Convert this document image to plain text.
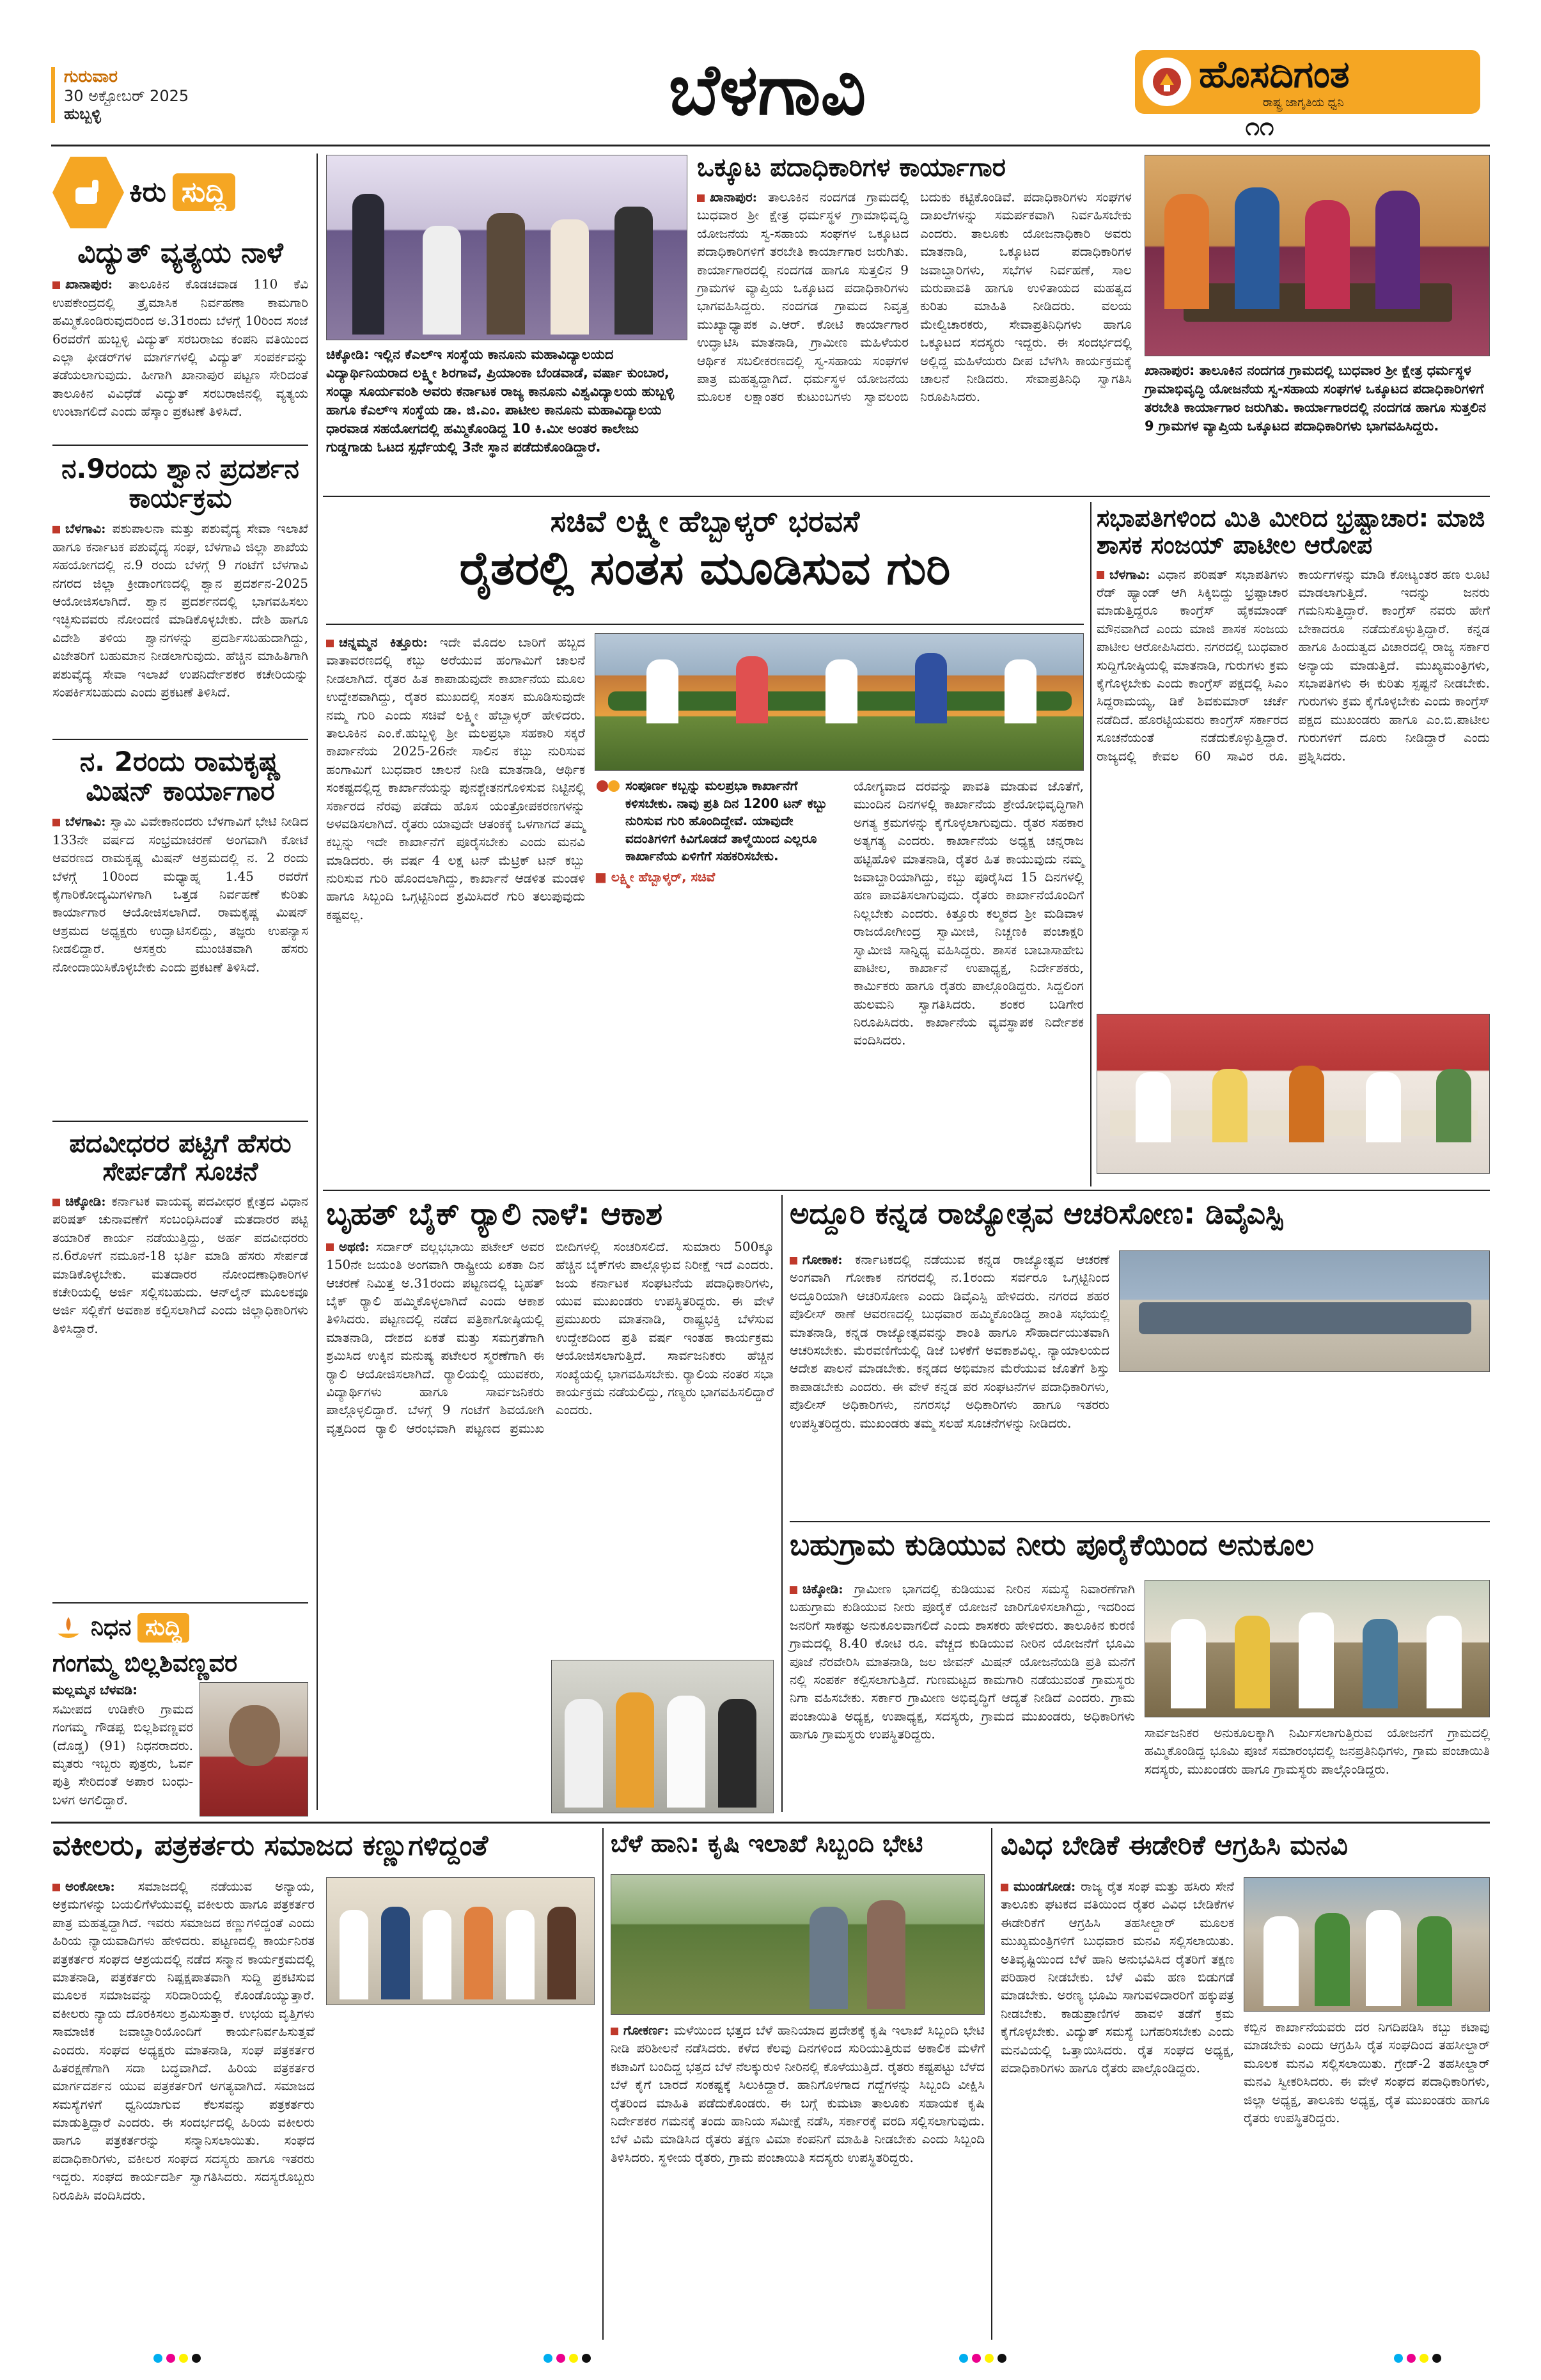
ಗುರುವಾರ
30 ಅಕ್ಟೋಬರ್ 2025
ಹುಬ್ಬಳ್ಳಿ	ಬೆಳಗಾವಿ	ಹೊಸದಿಗಂತ
ರಾಷ್ಟ್ರ ಜಾಗೃತಿಯ ಧ್ವನಿ
೧೧
ಕಿರು ಸುದ್ದಿ
ವಿದ್ಯುತ್ ವ್ಯತ್ಯಯ ನಾಳೆ
ಖಾನಾಪುರ: ತಾಲೂಕಿನ ಕೊಡಚವಾಡ 110 ಕೆವಿ ಉಪಕೇಂದ್ರದಲ್ಲಿ ತ್ರೈಮಾಸಿಕ ನಿರ್ವಹಣಾ ಕಾಮಗಾರಿ ಹಮ್ಮಿಕೊಂಡಿರುವುದರಿಂದ ಅ.31ರಂದು ಬೆಳಗ್ಗೆ 10ರಿಂದ ಸಂಜೆ 6ರವರೆಗೆ ಹುಬ್ಬಳ್ಳಿ ವಿದ್ಯುತ್ ಸರಬರಾಜು ಕಂಪನಿ ವತಿಯಿಂದ ಎಲ್ಲಾ ಫೀಡರ್‌ಗಳ ಮಾರ್ಗಗಳಲ್ಲಿ ವಿದ್ಯುತ್ ಸಂಪರ್ಕವನ್ನು ತಡೆಯಲಾಗುವುದು. ಹೀಗಾಗಿ ಖಾನಾಪುರ ಪಟ್ಟಣ ಸೇರಿದಂತೆ ತಾಲೂಕಿನ ವಿವಿಧೆಡೆ ವಿದ್ಯುತ್ ಸರಬರಾಜಿನಲ್ಲಿ ವ್ಯತ್ಯಯ ಉಂಟಾಗಲಿದೆ ಎಂದು ಹೆಸ್ಕಾಂ ಪ್ರಕಟಣೆ ತಿಳಿಸಿದೆ.
ನ.9ರಂದು ಶ್ವಾನ ಪ್ರದರ್ಶನ ಕಾರ್ಯಕ್ರಮ
ಬೆಳಗಾವಿ: ಪಶುಪಾಲನಾ ಮತ್ತು ಪಶುವೈದ್ಯ ಸೇವಾ ಇಲಾಖೆ ಹಾಗೂ ಕರ್ನಾಟಕ ಪಶುವೈದ್ಯ ಸಂಘ, ಬೆಳಗಾವಿ ಜಿಲ್ಲಾ ಶಾಖೆಯ ಸಹಯೋಗದಲ್ಲಿ ನ.9 ರಂದು ಬೆಳಗ್ಗೆ 9 ಗಂಟೆಗೆ ಬೆಳಗಾವಿ ನಗರದ ಜಿಲ್ಲಾ ಕ್ರೀಡಾಂಗಣದಲ್ಲಿ ಶ್ವಾನ ಪ್ರದರ್ಶನ-2025 ಆಯೋಜಿಸಲಾಗಿದೆ. ಶ್ವಾನ ಪ್ರದರ್ಶನದಲ್ಲಿ ಭಾಗವಹಿಸಲು ಇಚ್ಛಿಸುವವರು ನೋಂದಣಿ ಮಾಡಿಕೊಳ್ಳಬೇಕು. ದೇಶಿ ಹಾಗೂ ವಿದೇಶಿ ತಳಿಯ ಶ್ವಾನಗಳನ್ನು ಪ್ರದರ್ಶಿಸಬಹುದಾಗಿದ್ದು, ವಿಜೇತರಿಗೆ ಬಹುಮಾನ ನೀಡಲಾಗುವುದು. ಹೆಚ್ಚಿನ ಮಾಹಿತಿಗಾಗಿ ಪಶುವೈದ್ಯ ಸೇವಾ ಇಲಾಖೆ ಉಪನಿರ್ದೇಶಕರ ಕಚೇರಿಯನ್ನು ಸಂಪರ್ಕಿಸಬಹುದು ಎಂದು ಪ್ರಕಟಣೆ ತಿಳಿಸಿದೆ.
ನ. 2ರಂದು ರಾಮಕೃಷ್ಣ ಮಿಷನ್ ಕಾರ್ಯಾಗಾರ
ಬೆಳಗಾವಿ: ಸ್ವಾಮಿ ವಿವೇಕಾನಂದರು ಬೆಳಗಾವಿಗೆ ಭೇಟಿ ನೀಡಿದ 133ನೇ ವರ್ಷದ ಸಂಭ್ರಮಾಚರಣೆ ಅಂಗವಾಗಿ ಕೋಟೆ ಆವರಣದ ರಾಮಕೃಷ್ಣ ಮಿಷನ್ ಆಶ್ರಮದಲ್ಲಿ ನ. 2 ರಂದು ಬೆಳಗ್ಗೆ 10ರಿಂದ ಮಧ್ಯಾಹ್ನ 1.45 ರವರೆಗೆ ಕೈಗಾರಿಕೋದ್ಯಮಿಗಳಿಗಾಗಿ ಒತ್ತಡ ನಿರ್ವಹಣೆ ಕುರಿತು ಕಾರ್ಯಾಗಾರ ಆಯೋಜಿಸಲಾಗಿದೆ. ರಾಮಕೃಷ್ಣ ಮಿಷನ್ ಆಶ್ರಮದ ಅಧ್ಯಕ್ಷರು ಉದ್ಘಾಟಿಸಲಿದ್ದು, ತಜ್ಞರು ಉಪನ್ಯಾಸ ನೀಡಲಿದ್ದಾರೆ. ಆಸಕ್ತರು ಮುಂಚಿತವಾಗಿ ಹೆಸರು ನೋಂದಾಯಿಸಿಕೊಳ್ಳಬೇಕು ಎಂದು ಪ್ರಕಟಣೆ ತಿಳಿಸಿದೆ.
ಪದವೀಧರರ ಪಟ್ಟಿಗೆ ಹೆಸರು ಸೇರ್ಪಡೆಗೆ ಸೂಚನೆ
ಚಿಕ್ಕೋಡಿ: ಕರ್ನಾಟಕ ವಾಯವ್ಯ ಪದವೀಧರ ಕ್ಷೇತ್ರದ ವಿಧಾನ ಪರಿಷತ್ ಚುನಾವಣೆಗೆ ಸಂಬಂಧಿಸಿದಂತೆ ಮತದಾರರ ಪಟ್ಟಿ ತಯಾರಿಕೆ ಕಾರ್ಯ ನಡೆಯುತ್ತಿದ್ದು, ಅರ್ಹ ಪದವೀಧರರು ನ.6ರೊಳಗೆ ನಮೂನೆ-18 ಭರ್ತಿ ಮಾಡಿ ಹೆಸರು ಸೇರ್ಪಡೆ ಮಾಡಿಕೊಳ್ಳಬೇಕು. ಮತದಾರರ ನೋಂದಣಾಧಿಕಾರಿಗಳ ಕಚೇರಿಯಲ್ಲಿ ಅರ್ಜಿ ಸಲ್ಲಿಸಬಹುದು. ಆನ್‌ಲೈನ್ ಮೂಲಕವೂ ಅರ್ಜಿ ಸಲ್ಲಿಕೆಗೆ ಅವಕಾಶ ಕಲ್ಪಿಸಲಾಗಿದೆ ಎಂದು ಜಿಲ್ಲಾಧಿಕಾರಿಗಳು ತಿಳಿಸಿದ್ದಾರೆ.
ನಿಧನ ಸುದ್ದಿ
ಗಂಗಮ್ಮ ಬಿಲ್ಲಶಿವಣ್ಣವರ
ಮಲ್ಲಮ್ಮನ ಬೆಳವಡಿ:
ಸಮೀಪದ ಉಡಿಕೇರಿ ಗ್ರಾಮದ ಗಂಗಮ್ಮ ಗೌಡಪ್ಪ ಬಿಲ್ಲಶಿವಣ್ಣವರ (ದೊಡ್ಡ) (91) ನಿಧನರಾದರು. ಮೃತರು ಇಬ್ಬರು ಪುತ್ರರು, ಓರ್ವ ಪುತ್ರಿ ಸೇರಿದಂತೆ ಅಪಾರ ಬಂಧು-ಬಳಗ ಅಗಲಿದ್ದಾರೆ.
ಚಿಕ್ಕೋಡಿ: ಇಲ್ಲಿನ ಕೆಎಲ್‌ಇ ಸಂಸ್ಥೆಯ ಕಾನೂನು ಮಹಾವಿದ್ಯಾಲಯದ ವಿದ್ಯಾರ್ಥಿನಿಯರಾದ ಲಕ್ಷ್ಮೀ ಶಿರಗಾವೆ, ಪ್ರಿಯಾಂಕಾ ಬೆಂಡವಾಡೆ, ವರ್ಷಾ ಕುಂಬಾರ, ಸಂಧ್ಯಾ ಸೂರ್ಯವಂಶಿ ಅವರು ಕರ್ನಾಟಕ ರಾಜ್ಯ ಕಾನೂನು ವಿಶ್ವವಿದ್ಯಾಲಯ ಹುಬ್ಬಳ್ಳಿ ಹಾಗೂ ಕೆಎಲ್‌ಇ ಸಂಸ್ಥೆಯ ಡಾ. ಜಿ.ಎಂ. ಪಾಟೀಲ ಕಾನೂನು ಮಹಾವಿದ್ಯಾಲಯ ಧಾರವಾಡ ಸಹಯೋಗದಲ್ಲಿ ಹಮ್ಮಿಕೊಂಡಿದ್ದ 10 ಕಿ.ಮೀ ಅಂತರ ಕಾಲೇಜು ಗುಡ್ಡಗಾಡು ಓಟದ ಸ್ಪರ್ಧೆಯಲ್ಲಿ 3ನೇ ಸ್ಥಾನ ಪಡೆದುಕೊಂಡಿದ್ದಾರೆ.
ಒಕ್ಕೂಟ ಪದಾಧಿಕಾರಿಗಳ ಕಾರ್ಯಾಗಾರ
ಖಾನಾಪುರ: ತಾಲೂಕಿನ ನಂದಗಡ ಗ್ರಾಮದಲ್ಲಿ ಬುಧವಾರ ಶ್ರೀ ಕ್ಷೇತ್ರ ಧರ್ಮಸ್ಥಳ ಗ್ರಾಮಾಭಿವೃದ್ಧಿ ಯೋಜನೆಯ ಸ್ವ-ಸಹಾಯ ಸಂಘಗಳ ಒಕ್ಕೂಟದ ಪದಾಧಿಕಾರಿಗಳಿಗೆ ತರಬೇತಿ ಕಾರ್ಯಾಗಾರ ಜರುಗಿತು. ಕಾರ್ಯಾಗಾರದಲ್ಲಿ ನಂದಗಡ ಹಾಗೂ ಸುತ್ತಲಿನ 9 ಗ್ರಾಮಗಳ ವ್ಯಾಪ್ತಿಯ ಒಕ್ಕೂಟದ ಪದಾಧಿಕಾರಿಗಳು ಭಾಗವಹಿಸಿದ್ದರು. ನಂದಗಡ ಗ್ರಾಮದ ನಿವೃತ್ತ ಮುಖ್ಯಾಧ್ಯಾಪಕ ಎ.ಆರ್. ಕೋಟಿ ಕಾರ್ಯಾಗಾರ ಉದ್ಘಾಟಿಸಿ ಮಾತನಾಡಿ, ಗ್ರಾಮೀಣ ಮಹಿಳೆಯರ ಆರ್ಥಿಕ ಸಬಲೀಕರಣದಲ್ಲಿ ಸ್ವ-ಸಹಾಯ ಸಂಘಗಳ ಪಾತ್ರ ಮಹತ್ವದ್ದಾಗಿದೆ. ಧರ್ಮಸ್ಥಳ ಯೋಜನೆಯ ಮೂಲಕ ಲಕ್ಷಾಂತರ ಕುಟುಂಬಗಳು ಸ್ವಾವಲಂಬಿ ಬದುಕು ಕಟ್ಟಿಕೊಂಡಿವೆ. ಪದಾಧಿಕಾರಿಗಳು ಸಂಘಗಳ ದಾಖಲೆಗಳನ್ನು ಸಮರ್ಪಕವಾಗಿ ನಿರ್ವಹಿಸಬೇಕು ಎಂದರು. ತಾಲೂಕು ಯೋಜನಾಧಿಕಾರಿ ಅವರು ಮಾತನಾಡಿ, ಒಕ್ಕೂಟದ ಪದಾಧಿಕಾರಿಗಳ ಜವಾಬ್ದಾರಿಗಳು, ಸಭೆಗಳ ನಿರ್ವಹಣೆ, ಸಾಲ ಮರುಪಾವತಿ ಹಾಗೂ ಉಳಿತಾಯದ ಮಹತ್ವದ ಕುರಿತು ಮಾಹಿತಿ ನೀಡಿದರು. ವಲಯ ಮೇಲ್ವಿಚಾರಕರು, ಸೇವಾಪ್ರತಿನಿಧಿಗಳು ಹಾಗೂ ಒಕ್ಕೂಟದ ಸದಸ್ಯರು ಇದ್ದರು. ಈ ಸಂದರ್ಭದಲ್ಲಿ ಅಲ್ಲಿದ್ದ ಮಹಿಳೆಯರು ದೀಪ ಬೆಳಗಿಸಿ ಕಾರ್ಯಕ್ರಮಕ್ಕೆ ಚಾಲನೆ ನೀಡಿದರು. ಸೇವಾಪ್ರತಿನಿಧಿ ಸ್ವಾಗತಿಸಿ ನಿರೂಪಿಸಿದರು.
ಖಾನಾಪುರ: ತಾಲೂಕಿನ ನಂದಗಡ ಗ್ರಾಮದಲ್ಲಿ ಬುಧವಾರ ಶ್ರೀ ಕ್ಷೇತ್ರ ಧರ್ಮಸ್ಥಳ ಗ್ರಾಮಾಭಿವೃದ್ಧಿ ಯೋಜನೆಯ ಸ್ವ-ಸಹಾಯ ಸಂಘಗಳ ಒಕ್ಕೂಟದ ಪದಾಧಿಕಾರಿಗಳಿಗೆ ತರಬೇತಿ ಕಾರ್ಯಾಗಾರ ಜರುಗಿತು. ಕಾರ್ಯಾಗಾರದಲ್ಲಿ ನಂದಗಡ ಹಾಗೂ ಸುತ್ತಲಿನ 9 ಗ್ರಾಮಗಳ ವ್ಯಾಪ್ತಿಯ ಒಕ್ಕೂಟದ ಪದಾಧಿಕಾರಿಗಳು ಭಾಗವಹಿಸಿದ್ದರು.
ಸಚಿವೆ ಲಕ್ಷ್ಮೀ ಹೆಬ್ಬಾಳ್ಕರ್ ಭರವಸೆ
ರೈತರಲ್ಲಿ ಸಂತಸ ಮೂಡಿಸುವ ಗುರಿ
ಚನ್ನಮ್ಮನ ಕಿತ್ತೂರು: ಇದೇ ಮೊದಲ ಬಾರಿಗೆ ಹಬ್ಬದ ವಾತಾವರಣದಲ್ಲಿ ಕಬ್ಬು ಅರೆಯುವ ಹಂಗಾಮಿಗೆ ಚಾಲನೆ ನೀಡಲಾಗಿದೆ. ರೈತರ ಹಿತ ಕಾಪಾಡುವುದೇ ಕಾರ್ಖಾನೆಯ ಮೂಲ ಉದ್ದೇಶವಾಗಿದ್ದು, ರೈತರ ಮುಖದಲ್ಲಿ ಸಂತಸ ಮೂಡಿಸುವುದೇ ನಮ್ಮ ಗುರಿ ಎಂದು ಸಚಿವೆ ಲಕ್ಷ್ಮೀ ಹೆಬ್ಬಾಳ್ಕರ್ ಹೇಳಿದರು. ತಾಲೂಕಿನ ಎಂ.ಕೆ.ಹುಬ್ಬಳ್ಳಿ ಶ್ರೀ ಮಲಪ್ರಭಾ ಸಹಕಾರಿ ಸಕ್ಕರೆ ಕಾರ್ಖಾನೆಯ 2025-26ನೇ ಸಾಲಿನ ಕಬ್ಬು ನುರಿಸುವ ಹಂಗಾಮಿಗೆ ಬುಧವಾರ ಚಾಲನೆ ನೀಡಿ ಮಾತನಾಡಿ, ಆರ್ಥಿಕ ಸಂಕಷ್ಟದಲ್ಲಿದ್ದ ಕಾರ್ಖಾನೆಯನ್ನು ಪುನಶ್ಚೇತನಗೊಳಿಸುವ ನಿಟ್ಟಿನಲ್ಲಿ ಸರ್ಕಾರದ ನೆರವು ಪಡೆದು ಹೊಸ ಯಂತ್ರೋಪಕರಣಗಳನ್ನು ಅಳವಡಿಸಲಾಗಿದೆ. ರೈತರು ಯಾವುದೇ ಆತಂಕಕ್ಕೆ ಒಳಗಾಗದೆ ತಮ್ಮ ಕಬ್ಬನ್ನು ಇದೇ ಕಾರ್ಖಾನೆಗೆ ಪೂರೈಸಬೇಕು ಎಂದು ಮನವಿ ಮಾಡಿದರು. ಈ ವರ್ಷ 4 ಲಕ್ಷ ಟನ್ ಮೆಟ್ರಿಕ್ ಟನ್ ಕಬ್ಬು ನುರಿಸುವ ಗುರಿ ಹೊಂದಲಾಗಿದ್ದು, ಕಾರ್ಖಾನೆ ಆಡಳಿತ ಮಂಡಳಿ ಹಾಗೂ ಸಿಬ್ಬಂದಿ ಒಗ್ಗಟ್ಟಿನಿಂದ ಶ್ರಮಿಸಿದರೆ ಗುರಿ ತಲುಪುವುದು ಕಷ್ಟವಲ್ಲ.
ಸಂಪೂರ್ಣ ಕಬ್ಬನ್ನು ಮಲಪ್ರಭಾ ಕಾರ್ಖಾನೆಗೆ ಕಳಿಸಬೇಕು. ನಾವು ಪ್ರತಿ ದಿನ 1200 ಟನ್ ಕಬ್ಬು ನುರಿಸುವ ಗುರಿ ಹೊಂದಿದ್ದೇವೆ. ಯಾವುದೇ ವದಂತಿಗಳಿಗೆ ಕಿವಿಗೊಡದೆ ತಾಳ್ಮೆಯಿಂದ ಎಲ್ಲರೂ ಕಾರ್ಖಾನೆಯ ಏಳಿಗೆಗೆ ಸಹಕರಿಸಬೇಕು.
■ ಲಕ್ಷ್ಮೀ ಹೆಬ್ಬಾಳ್ಕರ್, ಸಚಿವೆ
ಯೋಗ್ಯವಾದ ದರವನ್ನು ಪಾವತಿ ಮಾಡುವ ಜೊತೆಗೆ, ಮುಂದಿನ ದಿನಗಳಲ್ಲಿ ಕಾರ್ಖಾನೆಯ ಶ್ರೇಯೋಭಿವೃದ್ಧಿಗಾಗಿ ಅಗತ್ಯ ಕ್ರಮಗಳನ್ನು ಕೈಗೊಳ್ಳಲಾಗುವುದು. ರೈತರ ಸಹಕಾರ ಅತ್ಯಗತ್ಯ ಎಂದರು. ಕಾರ್ಖಾನೆಯ ಅಧ್ಯಕ್ಷ ಚನ್ನರಾಜ ಹಟ್ಟಿಹೊಳಿ ಮಾತನಾಡಿ, ರೈತರ ಹಿತ ಕಾಯುವುದು ನಮ್ಮ ಜವಾಬ್ದಾರಿಯಾಗಿದ್ದು, ಕಬ್ಬು ಪೂರೈಸಿದ 15 ದಿನಗಳಲ್ಲಿ ಹಣ ಪಾವತಿಸಲಾಗುವುದು. ರೈತರು ಕಾರ್ಖಾನೆಯೊಂದಿಗೆ ನಿಲ್ಲಬೇಕು ಎಂದರು. ಕಿತ್ತೂರು ಕಲ್ಮಠದ ಶ್ರೀ ಮಡಿವಾಳ ರಾಜಯೋಗೀಂದ್ರ ಸ್ವಾಮೀಜಿ, ನಿಚ್ಚಣಕಿ ಪಂಚಾಕ್ಷರಿ ಸ್ವಾಮೀಜಿ ಸಾನ್ನಿಧ್ಯ ವಹಿಸಿದ್ದರು. ಶಾಸಕ ಬಾಬಾಸಾಹೇಬ ಪಾಟೀಲ, ಕಾರ್ಖಾನೆ ಉಪಾಧ್ಯಕ್ಷ, ನಿರ್ದೇಶಕರು, ಕಾರ್ಮಿಕರು ಹಾಗೂ ರೈತರು ಪಾಲ್ಗೊಂಡಿದ್ದರು. ಸಿದ್ದಲಿಂಗ ಹುಲಮನಿ ಸ್ವಾಗತಿಸಿದರು. ಶಂಕರ ಬಡಿಗೇರ ನಿರೂಪಿಸಿದರು. ಕಾರ್ಖಾನೆಯ ವ್ಯವಸ್ಥಾಪಕ ನಿರ್ದೇಶಕ ವಂದಿಸಿದರು.
ಸಭಾಪತಿಗಳಿಂದ ಮಿತಿ ಮೀರಿದ ಭ್ರಷ್ಟಾಚಾರ: ಮಾಜಿ ಶಾಸಕ ಸಂಜಯ್ ಪಾಟೀಲ ಆರೋಪ
ಬೆಳಗಾವಿ: ವಿಧಾನ ಪರಿಷತ್ ಸಭಾಪತಿಗಳು ರೆಡ್ ಹ್ಯಾಂಡ್ ಆಗಿ ಸಿಕ್ಕಿಬಿದ್ದು ಭ್ರಷ್ಟಾಚಾರ ಮಾಡುತ್ತಿದ್ದರೂ ಕಾಂಗ್ರೆಸ್ ಹೈಕಮಾಂಡ್ ಮೌನವಾಗಿದೆ ಎಂದು ಮಾಜಿ ಶಾಸಕ ಸಂಜಯ ಪಾಟೀಲ ಆರೋಪಿಸಿದರು. ನಗರದಲ್ಲಿ ಬುಧವಾರ ಸುದ್ದಿಗೋಷ್ಠಿಯಲ್ಲಿ ಮಾತನಾಡಿ, ಗುರುಗಳು ಕ್ರಮ ಕೈಗೊಳ್ಳಬೇಕು ಎಂದು ಕಾಂಗ್ರೆಸ್ ಪಕ್ಷದಲ್ಲಿ ಸಿಎಂ ಸಿದ್ದರಾಮಯ್ಯ, ಡಿಕೆ ಶಿವಕುಮಾರ್ ಚರ್ಚೆ ನಡೆದಿದೆ. ಹೊರಟ್ಟಿಯವರು ಕಾಂಗ್ರೆಸ್ ಸರ್ಕಾರದ ಸೂಚನೆಯಂತೆ ನಡೆದುಕೊಳ್ಳುತ್ತಿದ್ದಾರೆ. ರಾಜ್ಯದಲ್ಲಿ ಕೇವಲ 60 ಸಾವಿರ ರೂ. ಕಾರ್ಯಗಳನ್ನು ಮಾಡಿ ಕೋಟ್ಯಂತರ ಹಣ ಲೂಟಿ ಮಾಡಲಾಗುತ್ತಿದೆ. ಇದನ್ನು ಜನರು ಗಮನಿಸುತ್ತಿದ್ದಾರೆ. ಕಾಂಗ್ರೆಸ್ ನವರು ಹೇಗೆ ಬೇಕಾದರೂ ನಡೆದುಕೊಳ್ಳುತ್ತಿದ್ದಾರೆ. ಕನ್ನಡ ಹಾಗೂ ಹಿಂದುತ್ವದ ವಿಚಾರದಲ್ಲಿ ರಾಜ್ಯ ಸರ್ಕಾರ ಅನ್ಯಾಯ ಮಾಡುತ್ತಿದೆ. ಮುಖ್ಯಮಂತ್ರಿಗಳು, ಸಭಾಪತಿಗಳು ಈ ಕುರಿತು ಸ್ಪಷ್ಟನೆ ನೀಡಬೇಕು. ಗುರುಗಳು ಕ್ರಮ ಕೈಗೊಳ್ಳಬೇಕು ಎಂದು ಕಾಂಗ್ರೆಸ್ ಪಕ್ಷದ ಮುಖಂಡರು ಹಾಗೂ ಎಂ.ಬಿ.ಪಾಟೀಲ ಗುರುಗಳಿಗೆ ದೂರು ನೀಡಿದ್ದಾರೆ ಎಂದು ಪ್ರಶ್ನಿಸಿದರು.
ಬೃಹತ್ ಬೈಕ್ ರ‍್ಯಾಲಿ ನಾಳೆ: ಆಕಾಶ
ಅಥಣಿ: ಸರ್ದಾರ್ ವಲ್ಲಭಭಾಯಿ ಪಟೇಲ್ ಅವರ 150ನೇ ಜಯಂತಿ ಅಂಗವಾಗಿ ರಾಷ್ಟ್ರೀಯ ಏಕತಾ ದಿನ ಆಚರಣೆ ನಿಮಿತ್ತ ಅ.31ರಂದು ಪಟ್ಟಣದಲ್ಲಿ ಬೃಹತ್ ಬೈಕ್ ರ‍್ಯಾಲಿ ಹಮ್ಮಿಕೊಳ್ಳಲಾಗಿದೆ ಎಂದು ಆಕಾಶ ತಿಳಿಸಿದರು. ಪಟ್ಟಣದಲ್ಲಿ ನಡೆದ ಪತ್ರಿಕಾಗೋಷ್ಠಿಯಲ್ಲಿ ಮಾತನಾಡಿ, ದೇಶದ ಏಕತೆ ಮತ್ತು ಸಮಗ್ರತೆಗಾಗಿ ಶ್ರಮಿಸಿದ ಉಕ್ಕಿನ ಮನುಷ್ಯ ಪಟೇಲರ ಸ್ಮರಣೆಗಾಗಿ ಈ ರ‍್ಯಾಲಿ ಆಯೋಜಿಸಲಾಗಿದೆ. ರ‍್ಯಾಲಿಯಲ್ಲಿ ಯುವಕರು, ವಿದ್ಯಾರ್ಥಿಗಳು ಹಾಗೂ ಸಾರ್ವಜನಿಕರು ಪಾಲ್ಗೊಳ್ಳಲಿದ್ದಾರೆ. ಬೆಳಗ್ಗೆ 9 ಗಂಟೆಗೆ ಶಿವಯೋಗಿ ವೃತ್ತದಿಂದ ರ‍್ಯಾಲಿ ಆರಂಭವಾಗಿ ಪಟ್ಟಣದ ಪ್ರಮುಖ ಬೀದಿಗಳಲ್ಲಿ ಸಂಚರಿಸಲಿದೆ. ಸುಮಾರು 500ಕ್ಕೂ ಹೆಚ್ಚಿನ ಬೈಕ್‌ಗಳು ಪಾಲ್ಗೊಳ್ಳುವ ನಿರೀಕ್ಷೆ ಇದೆ ಎಂದರು. ಜಯ ಕರ್ನಾಟಕ ಸಂಘಟನೆಯ ಪದಾಧಿಕಾರಿಗಳು, ಯುವ ಮುಖಂಡರು ಉಪಸ್ಥಿತರಿದ್ದರು. ಈ ವೇಳೆ ಪ್ರಮುಖರು ಮಾತನಾಡಿ, ರಾಷ್ಟ್ರಭಕ್ತಿ ಬೆಳೆಸುವ ಉದ್ದೇಶದಿಂದ ಪ್ರತಿ ವರ್ಷ ಇಂತಹ ಕಾರ್ಯಕ್ರಮ ಆಯೋಜಿಸಲಾಗುತ್ತಿದೆ. ಸಾರ್ವಜನಿಕರು ಹೆಚ್ಚಿನ ಸಂಖ್ಯೆಯಲ್ಲಿ ಭಾಗವಹಿಸಬೇಕು. ರ‍್ಯಾಲಿಯ ನಂತರ ಸಭಾ ಕಾರ್ಯಕ್ರಮ ನಡೆಯಲಿದ್ದು, ಗಣ್ಯರು ಭಾಗವಹಿಸಲಿದ್ದಾರೆ ಎಂದರು.
ಅದ್ದೂರಿ ಕನ್ನಡ ರಾಜ್ಯೋತ್ಸವ ಆಚರಿಸೋಣ: ಡಿವೈಎಸ್ಪಿ
ಗೋಕಾಕ: ಕರ್ನಾಟಕದಲ್ಲಿ ನಡೆಯುವ ಕನ್ನಡ ರಾಜ್ಯೋತ್ಸವ ಆಚರಣೆ ಅಂಗವಾಗಿ ಗೋಕಾಕ ನಗರದಲ್ಲಿ ನ.1ರಂದು ಸರ್ವರೂ ಒಗ್ಗಟ್ಟಿನಿಂದ ಅದ್ದೂರಿಯಾಗಿ ಆಚರಿಸೋಣ ಎಂದು ಡಿವೈಎಸ್ಪಿ ಹೇಳಿದರು. ನಗರದ ಶಹರ ಪೊಲೀಸ್ ಠಾಣೆ ಆವರಣದಲ್ಲಿ ಬುಧವಾರ ಹಮ್ಮಿಕೊಂಡಿದ್ದ ಶಾಂತಿ ಸಭೆಯಲ್ಲಿ ಮಾತನಾಡಿ, ಕನ್ನಡ ರಾಜ್ಯೋತ್ಸವವನ್ನು ಶಾಂತಿ ಹಾಗೂ ಸೌಹಾರ್ದಯುತವಾಗಿ ಆಚರಿಸಬೇಕು. ಮೆರವಣಿಗೆಯಲ್ಲಿ ಡಿಜೆ ಬಳಕೆಗೆ ಅವಕಾಶವಿಲ್ಲ. ನ್ಯಾಯಾಲಯದ ಆದೇಶ ಪಾಲನೆ ಮಾಡಬೇಕು. ಕನ್ನಡದ ಅಭಿಮಾನ ಮೆರೆಯುವ ಜೊತೆಗೆ ಶಿಸ್ತು ಕಾಪಾಡಬೇಕು ಎಂದರು. ಈ ವೇಳೆ ಕನ್ನಡ ಪರ ಸಂಘಟನೆಗಳ ಪದಾಧಿಕಾರಿಗಳು, ಪೊಲೀಸ್ ಅಧಿಕಾರಿಗಳು, ನಗರಸಭೆ ಅಧಿಕಾರಿಗಳು ಹಾಗೂ ಇತರರು ಉಪಸ್ಥಿತರಿದ್ದರು. ಮುಖಂಡರು ತಮ್ಮ ಸಲಹೆ ಸೂಚನೆಗಳನ್ನು ನೀಡಿದರು.
ಬಹುಗ್ರಾಮ ಕುಡಿಯುವ ನೀರು ಪೂರೈಕೆಯಿಂದ ಅನುಕೂಲ
ಚಿಕ್ಕೋಡಿ: ಗ್ರಾಮೀಣ ಭಾಗದಲ್ಲಿ ಕುಡಿಯುವ ನೀರಿನ ಸಮಸ್ಯೆ ನಿವಾರಣೆಗಾಗಿ ಬಹುಗ್ರಾಮ ಕುಡಿಯುವ ನೀರು ಪೂರೈಕೆ ಯೋಜನೆ ಜಾರಿಗೊಳಿಸಲಾಗಿದ್ದು, ಇದರಿಂದ ಜನರಿಗೆ ಸಾಕಷ್ಟು ಅನುಕೂಲವಾಗಲಿದೆ ಎಂದು ಶಾಸಕರು ಹೇಳಿದರು. ತಾಲೂಕಿನ ಕುರಣಿ ಗ್ರಾಮದಲ್ಲಿ 8.40 ಕೋಟಿ ರೂ. ವೆಚ್ಚದ ಕುಡಿಯುವ ನೀರಿನ ಯೋಜನೆಗೆ ಭೂಮಿ ಪೂಜೆ ನೆರವೇರಿಸಿ ಮಾತನಾಡಿ, ಜಲ ಜೀವನ್ ಮಿಷನ್ ಯೋಜನೆಯಡಿ ಪ್ರತಿ ಮನೆಗೆ ನಲ್ಲಿ ಸಂಪರ್ಕ ಕಲ್ಪಿಸಲಾಗುತ್ತಿದೆ. ಗುಣಮಟ್ಟದ ಕಾಮಗಾರಿ ನಡೆಯುವಂತೆ ಗ್ರಾಮಸ್ಥರು ನಿಗಾ ವಹಿಸಬೇಕು. ಸರ್ಕಾರ ಗ್ರಾಮೀಣ ಅಭಿವೃದ್ಧಿಗೆ ಆದ್ಯತೆ ನೀಡಿದೆ ಎಂದರು. ಗ್ರಾಮ ಪಂಚಾಯಿತಿ ಅಧ್ಯಕ್ಷ, ಉಪಾಧ್ಯಕ್ಷ, ಸದಸ್ಯರು, ಗ್ರಾಮದ ಮುಖಂಡರು, ಅಧಿಕಾರಿಗಳು ಹಾಗೂ ಗ್ರಾಮಸ್ಥರು ಉಪಸ್ಥಿತರಿದ್ದರು.	ಸಾರ್ವಜನಿಕರ ಅನುಕೂಲಕ್ಕಾಗಿ ನಿರ್ಮಿಸಲಾಗುತ್ತಿರುವ ಯೋಜನೆಗೆ ಗ್ರಾಮದಲ್ಲಿ ಹಮ್ಮಿಕೊಂಡಿದ್ದ ಭೂಮಿ ಪೂಜೆ ಸಮಾರಂಭದಲ್ಲಿ ಜನಪ್ರತಿನಿಧಿಗಳು, ಗ್ರಾಮ ಪಂಚಾಯಿತಿ ಸದಸ್ಯರು, ಮುಖಂಡರು ಹಾಗೂ ಗ್ರಾಮಸ್ಥರು ಪಾಲ್ಗೊಂಡಿದ್ದರು.
ವಕೀಲರು, ಪತ್ರಕರ್ತರು ಸಮಾಜದ ಕಣ್ಣುಗಳಿದ್ದಂತೆ
ಅಂಕೋಲಾ: ಸಮಾಜದಲ್ಲಿ ನಡೆಯುವ ಅನ್ಯಾಯ, ಅಕ್ರಮಗಳನ್ನು ಬಯಲಿಗೆಳೆಯುವಲ್ಲಿ ವಕೀಲರು ಹಾಗೂ ಪತ್ರಕರ್ತರ ಪಾತ್ರ ಮಹತ್ವದ್ದಾಗಿದೆ. ಇವರು ಸಮಾಜದ ಕಣ್ಣುಗಳಿದ್ದಂತೆ ಎಂದು ಹಿರಿಯ ನ್ಯಾಯವಾದಿಗಳು ಹೇಳಿದರು. ಪಟ್ಟಣದಲ್ಲಿ ಕಾರ್ಯನಿರತ ಪತ್ರಕರ್ತರ ಸಂಘದ ಆಶ್ರಯದಲ್ಲಿ ನಡೆದ ಸನ್ಮಾನ ಕಾರ್ಯಕ್ರಮದಲ್ಲಿ ಮಾತನಾಡಿ, ಪತ್ರಕರ್ತರು ನಿಷ್ಪಕ್ಷಪಾತವಾಗಿ ಸುದ್ದಿ ಪ್ರಕಟಿಸುವ ಮೂಲಕ ಸಮಾಜವನ್ನು ಸರಿದಾರಿಯಲ್ಲಿ ಕೊಂಡೊಯ್ಯುತ್ತಾರೆ. ವಕೀಲರು ನ್ಯಾಯ ದೊರಕಿಸಲು ಶ್ರಮಿಸುತ್ತಾರೆ. ಉಭಯ ವೃತ್ತಿಗಳು ಸಾಮಾಜಿಕ ಜವಾಬ್ದಾರಿಯೊಂದಿಗೆ ಕಾರ್ಯನಿರ್ವಹಿಸುತ್ತವೆ ಎಂದರು. ಸಂಘದ ಅಧ್ಯಕ್ಷರು ಮಾತನಾಡಿ, ಸಂಘ ಪತ್ರಕರ್ತರ ಹಿತರಕ್ಷಣೆಗಾಗಿ ಸದಾ ಬದ್ಧವಾಗಿದೆ. ಹಿರಿಯ ಪತ್ರಕರ್ತರ ಮಾರ್ಗದರ್ಶನ ಯುವ ಪತ್ರಕರ್ತರಿಗೆ ಅಗತ್ಯವಾಗಿದೆ. ಸಮಾಜದ ಸಮಸ್ಯೆಗಳಿಗೆ ಧ್ವನಿಯಾಗುವ ಕೆಲಸವನ್ನು ಪತ್ರಕರ್ತರು ಮಾಡುತ್ತಿದ್ದಾರೆ ಎಂದರು. ಈ ಸಂದರ್ಭದಲ್ಲಿ ಹಿರಿಯ ವಕೀಲರು ಹಾಗೂ ಪತ್ರಕರ್ತರನ್ನು ಸನ್ಮಾನಿಸಲಾಯಿತು. ಸಂಘದ ಪದಾಧಿಕಾರಿಗಳು, ವಕೀಲರ ಸಂಘದ ಸದಸ್ಯರು ಹಾಗೂ ಇತರರು ಇದ್ದರು. ಸಂಘದ ಕಾರ್ಯದರ್ಶಿ ಸ್ವಾಗತಿಸಿದರು. ಸದಸ್ಯರೊಬ್ಬರು ನಿರೂಪಿಸಿ ವಂದಿಸಿದರು.
ಬೆಳೆ ಹಾನಿ: ಕೃಷಿ ಇಲಾಖೆ ಸಿಬ್ಬಂದಿ ಭೇಟಿ
ಗೋಕರ್ಣ: ಮಳೆಯಿಂದ ಭತ್ತದ ಬೆಳೆ ಹಾನಿಯಾದ ಪ್ರದೇಶಕ್ಕೆ ಕೃಷಿ ಇಲಾಖೆ ಸಿಬ್ಬಂದಿ ಭೇಟಿ ನೀಡಿ ಪರಿಶೀಲನೆ ನಡೆಸಿದರು. ಕಳೆದ ಕೆಲವು ದಿನಗಳಿಂದ ಸುರಿಯುತ್ತಿರುವ ಅಕಾಲಿಕ ಮಳೆಗೆ ಕಟಾವಿಗೆ ಬಂದಿದ್ದ ಭತ್ತದ ಬೆಳೆ ನೆಲಕ್ಕುರುಳಿ ನೀರಿನಲ್ಲಿ ಕೊಳೆಯುತ್ತಿದೆ. ರೈತರು ಕಷ್ಟಪಟ್ಟು ಬೆಳೆದ ಬೆಳೆ ಕೈಗೆ ಬಾರದೆ ಸಂಕಷ್ಟಕ್ಕೆ ಸಿಲುಕಿದ್ದಾರೆ. ಹಾನಿಗೊಳಗಾದ ಗದ್ದೆಗಳನ್ನು ಸಿಬ್ಬಂದಿ ವೀಕ್ಷಿಸಿ ರೈತರಿಂದ ಮಾಹಿತಿ ಪಡೆದುಕೊಂಡರು. ಈ ಬಗ್ಗೆ ಕುಮಟಾ ತಾಲೂಕು ಸಹಾಯಕ ಕೃಷಿ ನಿರ್ದೇಶಕರ ಗಮನಕ್ಕೆ ತಂದು ಹಾನಿಯ ಸಮೀಕ್ಷೆ ನಡೆಸಿ, ಸರ್ಕಾರಕ್ಕೆ ವರದಿ ಸಲ್ಲಿಸಲಾಗುವುದು. ಬೆಳೆ ವಿಮೆ ಮಾಡಿಸಿದ ರೈತರು ತಕ್ಷಣ ವಿಮಾ ಕಂಪನಿಗೆ ಮಾಹಿತಿ ನೀಡಬೇಕು ಎಂದು ಸಿಬ್ಬಂದಿ ತಿಳಿಸಿದರು. ಸ್ಥಳೀಯ ರೈತರು, ಗ್ರಾಮ ಪಂಚಾಯಿತಿ ಸದಸ್ಯರು ಉಪಸ್ಥಿತರಿದ್ದರು.
ವಿವಿಧ ಬೇಡಿಕೆ ಈಡೇರಿಕೆ ಆಗ್ರಹಿಸಿ ಮನವಿ
ಮುಂಡಗೋಡ: ರಾಜ್ಯ ರೈತ ಸಂಘ ಮತ್ತು ಹಸಿರು ಸೇನೆ ತಾಲೂಕು ಘಟಕದ ವತಿಯಿಂದ ರೈತರ ವಿವಿಧ ಬೇಡಿಕೆಗಳ ಈಡೇರಿಕೆಗೆ ಆಗ್ರಹಿಸಿ ತಹಸೀಲ್ದಾರ್ ಮೂಲಕ ಮುಖ್ಯಮಂತ್ರಿಗಳಿಗೆ ಬುಧವಾರ ಮನವಿ ಸಲ್ಲಿಸಲಾಯಿತು. ಅತಿವೃಷ್ಟಿಯಿಂದ ಬೆಳೆ ಹಾನಿ ಅನುಭವಿಸಿದ ರೈತರಿಗೆ ತಕ್ಷಣ ಪರಿಹಾರ ನೀಡಬೇಕು. ಬೆಳೆ ವಿಮೆ ಹಣ ಬಿಡುಗಡೆ ಮಾಡಬೇಕು. ಅರಣ್ಯ ಭೂಮಿ ಸಾಗುವಳಿದಾರರಿಗೆ ಹಕ್ಕುಪತ್ರ ನೀಡಬೇಕು. ಕಾಡುಪ್ರಾಣಿಗಳ ಹಾವಳಿ ತಡೆಗೆ ಕ್ರಮ ಕೈಗೊಳ್ಳಬೇಕು. ವಿದ್ಯುತ್ ಸಮಸ್ಯೆ ಬಗೆಹರಿಸಬೇಕು ಎಂದು ಮನವಿಯಲ್ಲಿ ಒತ್ತಾಯಿಸಿದರು. ರೈತ ಸಂಘದ ಅಧ್ಯಕ್ಷ, ಪದಾಧಿಕಾರಿಗಳು ಹಾಗೂ ರೈತರು ಪಾಲ್ಗೊಂಡಿದ್ದರು.
ಕಬ್ಬಿನ ಕಾರ್ಖಾನೆಯವರು ದರ ನಿಗದಿಪಡಿಸಿ ಕಬ್ಬು ಕಟಾವು ಮಾಡಬೇಕು ಎಂದು ಆಗ್ರಹಿಸಿ ರೈತ ಸಂಘದಿಂದ ತಹಸೀಲ್ದಾರ್ ಮೂಲಕ ಮನವಿ ಸಲ್ಲಿಸಲಾಯಿತು. ಗ್ರೇಡ್-2 ತಹಸೀಲ್ದಾರ್ ಮನವಿ ಸ್ವೀಕರಿಸಿದರು. ಈ ವೇಳೆ ಸಂಘದ ಪದಾಧಿಕಾರಿಗಳು, ಜಿಲ್ಲಾ ಅಧ್ಯಕ್ಷ, ತಾಲೂಕು ಅಧ್ಯಕ್ಷ, ರೈತ ಮುಖಂಡರು ಹಾಗೂ ರೈತರು ಉಪಸ್ಥಿತರಿದ್ದರು.
